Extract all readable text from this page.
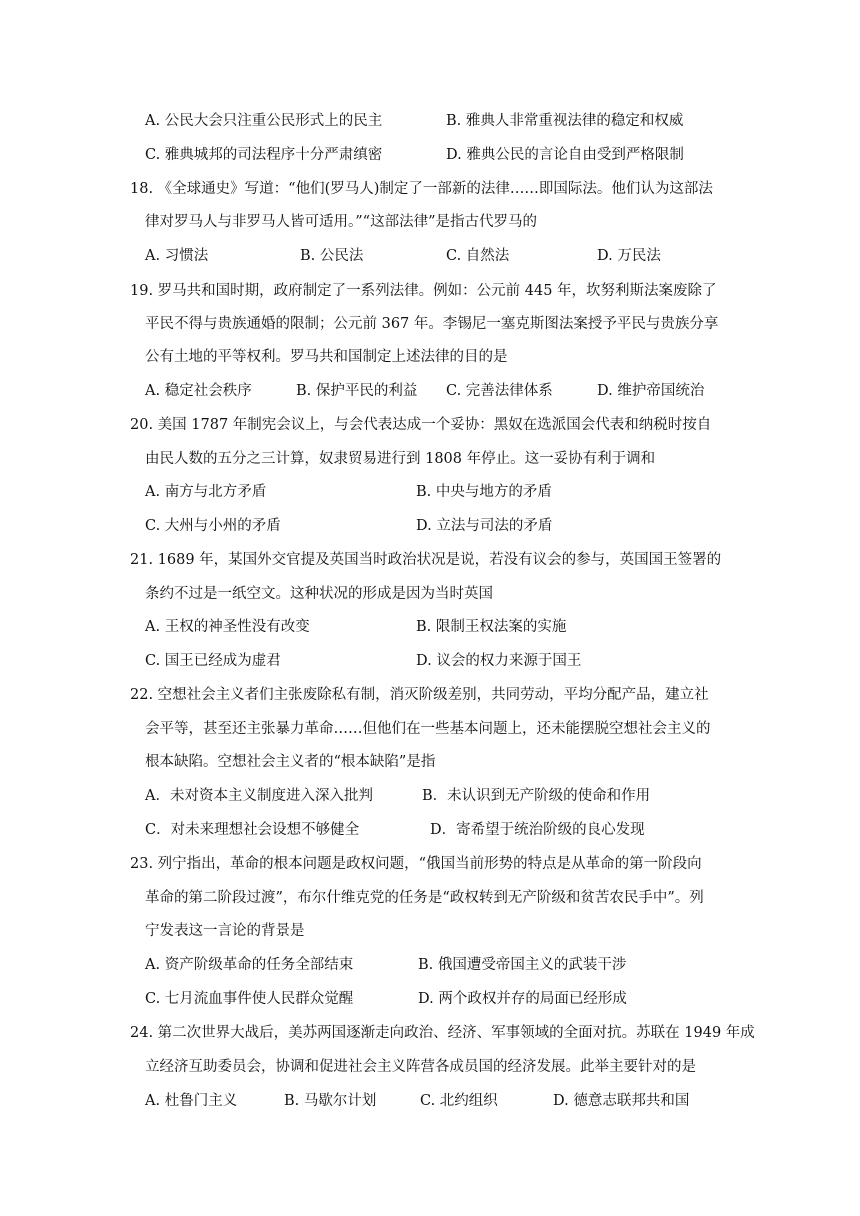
A. 公民大会只注重公民形式上的民主	B. 雅典人非常重视法律的稳定和权威
C. 雅典城邦的司法程序十分严肃缜密	D. 雅典公民的言论自由受到严格限制
18. 《全球通史》写道：“他们(罗马人)制定了一部新的法律……即国际法。他们认为这部法
律对罗马人与非罗马人皆可适用。”“这部法律”是指古代罗马的
A. 习惯法	B. 公民法	C. 自然法	D. 万民法
19. 罗马共和国时期，政府制定了一系列法律。例如：公元前 445 年，坎努利斯法案废除了
平民不得与贵族通婚的限制；公元前 367 年。李锡尼一塞克斯图法案授予平民与贵族分享
公有土地的平等权利。罗马共和国制定上述法律的目的是
A. 稳定社会秩序	B. 保护平民的利益 C. 完善法律体系	D. 维护帝国统治
20. 美国 1787 年制宪会议上，与会代表达成一个妥协：黑奴在选派国会代表和纳税时按自
由民人数的五分之三计算，奴隶贸易进行到 1808 年停止。这一妥协有利于调和
A. 南方与北方矛盾	B. 中央与地方的矛盾
C. 大州与小州的矛盾	D. 立法与司法的矛盾
21. 1689 年，某国外交官提及英国当时政治状况是说，若没有议会的参与，英国国王签署的
条约不过是一纸空文。这种状况的形成是因为当时英国
A. 王权的神圣性没有改变	B. 限制王权法案的实施
C. 国王已经成为虚君	D. 议会的权力来源于国王
22. 空想社会主义者们主张废除私有制，消灭阶级差别，共同劳动，平均分配产品，建立社
会平等，甚至还主张暴力革命……但他们在一些基本问题上，还未能摆脱空想社会主义的
根本缺陷。空想社会主义者的“根本缺陷”是指
A．未对资本主义制度进入深入批判	B．未认识到无产阶级的使命和作用
C．对未来理想社会设想不够健全	D．寄希望于统治阶级的良心发现
23. 列宁指出，革命的根本问题是政权问题，“俄国当前形势的特点是从革命的第一阶段向
革命的第二阶段过渡”，布尔什维克党的任务是“政权转到无产阶级和贫苦农民手中”。列
宁发表这一言论的背景是
A. 资产阶级革命的任务全部结束	B. 俄国遭受帝国主义的武装干涉
C. 七月流血事件使人民群众觉醒	D. 两个政权并存的局面已经形成
24. 第二次世界大战后，美苏两国逐渐走向政治、经济、军事领域的全面对抗。苏联在 1949 年成
立经济互助委员会，协调和促进社会主义阵营各成员国的经济发展。此举主要针对的是
A. 杜鲁门主义	B. 马歇尔计划	C. 北约组织	D. 德意志联邦共和国
